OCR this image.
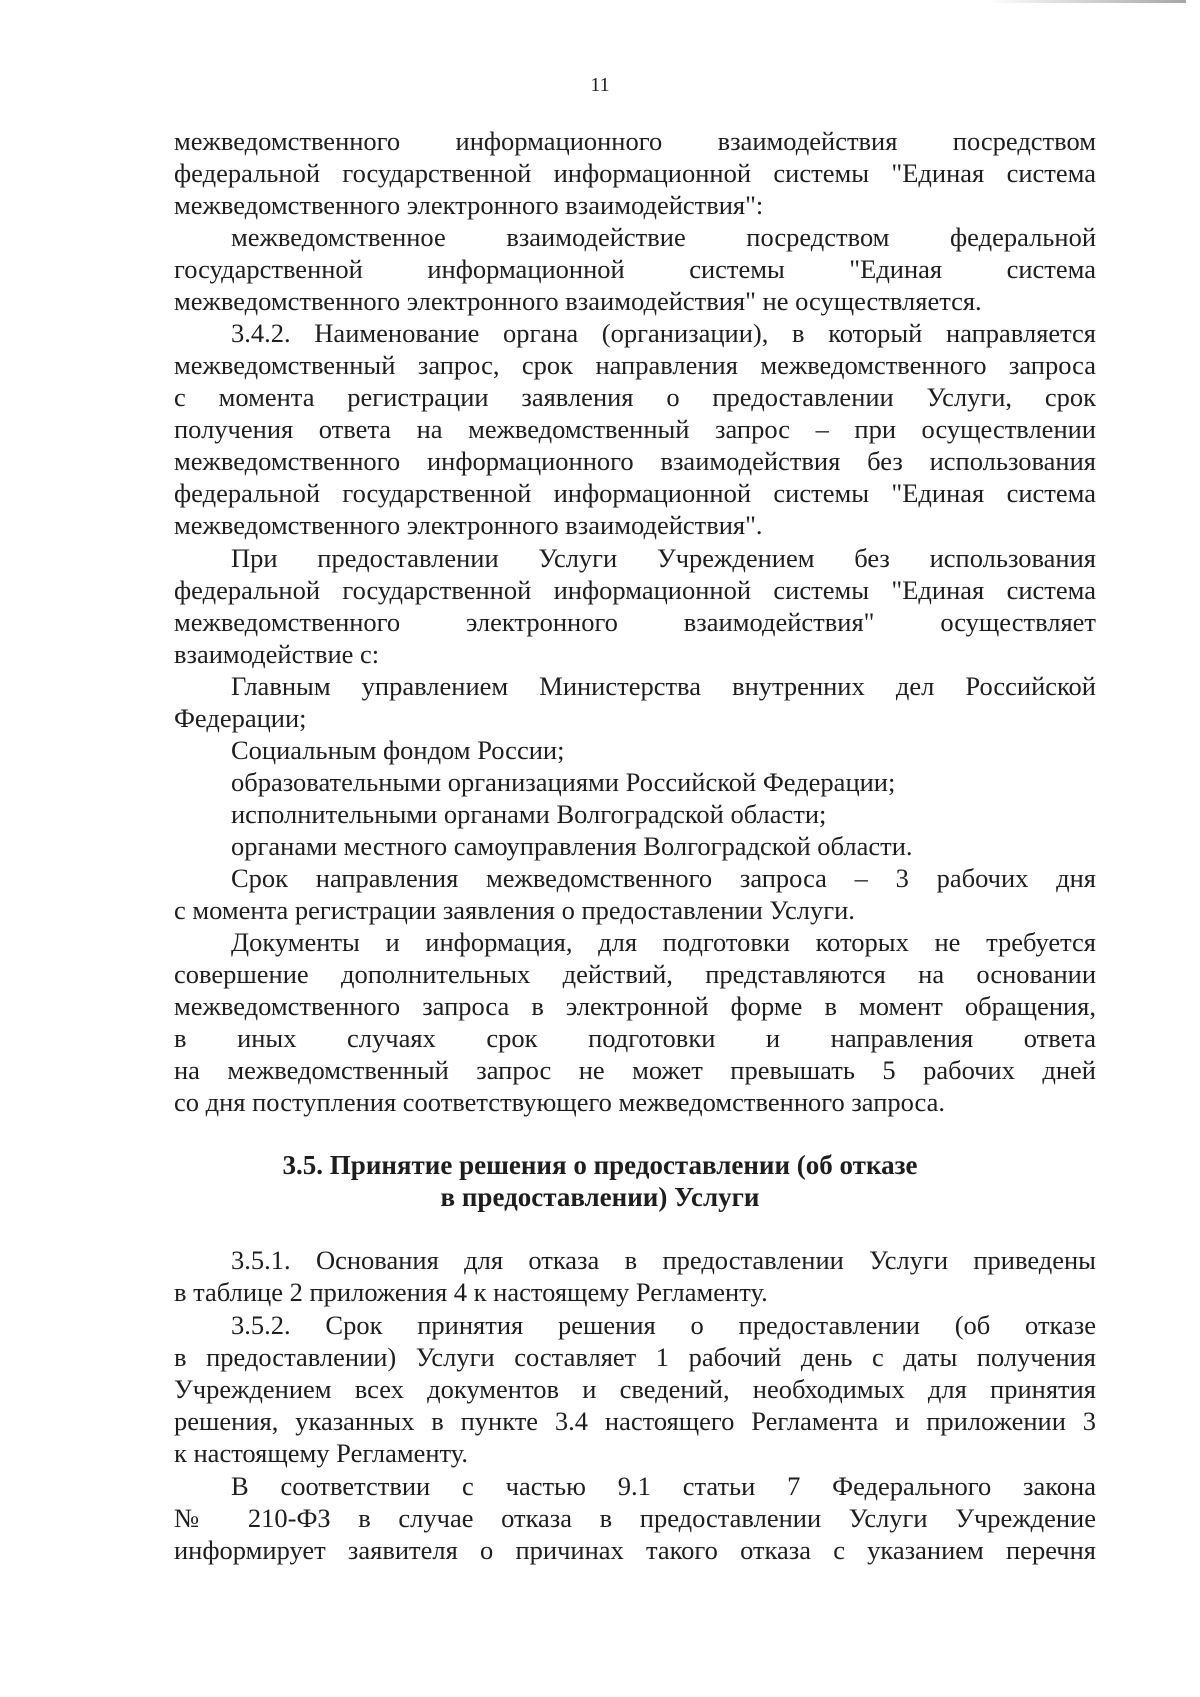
11
межведомственного информационного взаимодействия посредством
федеральной государственной информационной системы "Единая система
межведомственного электронного взаимодействия":
межведомственное взаимодействие посредством федеральной
государственной информационной системы "Единая система
межведомственного электронного взаимодействия" не осуществляется.
3.4.2. Наименование органа (организации), в который направляется
межведомственный запрос, срок направления межведомственного запроса
с момента регистрации заявления о предоставлении Услуги, срок
получения ответа на межведомственный запрос – при осуществлении
межведомственного информационного взаимодействия без использования
федеральной государственной информационной системы "Единая система
межведомственного электронного взаимодействия".
При предоставлении Услуги Учреждением без использования
федеральной государственной информационной системы "Единая система
межведомственного электронного взаимодействия" осуществляет
взаимодействие с:
Главным управлением Министерства внутренних дел Российской
Федерации;
Социальным фондом России;
образовательными организациями Российской Федерации;
исполнительными органами Волгоградской области;
органами местного самоуправления Волгоградской области.
Срок направления межведомственного запроса – 3 рабочих дня
с момента регистрации заявления о предоставлении Услуги.
Документы и информация, для подготовки которых не требуется
совершение дополнительных действий, представляются на основании
межведомственного запроса в электронной форме в момент обращения,
в иных случаях срок подготовки и направления ответа
на межведомственный запрос не может превышать 5 рабочих дней
со дня поступления соответствующего межведомственного запроса.
3.5. Принятие решения о предоставлении (об отказе
в предоставлении) Услуги
3.5.1. Основания для отказа в предоставлении Услуги приведены
в таблице 2 приложения 4 к настоящему Регламенту.
3.5.2. Срок принятия решения о предоставлении (об отказе
в предоставлении) Услуги составляет 1 рабочий день с даты получения
Учреждением всех документов и сведений, необходимых для принятия
решения, указанных в пункте 3.4 настоящего Регламента и приложении 3
к настоящему Регламенту.
В соответствии с частью 9.1 статьи 7 Федерального закона
№ 210-ФЗ в случае отказа в предоставлении Услуги Учреждение
информирует заявителя о причинах такого отказа с указанием перечня
